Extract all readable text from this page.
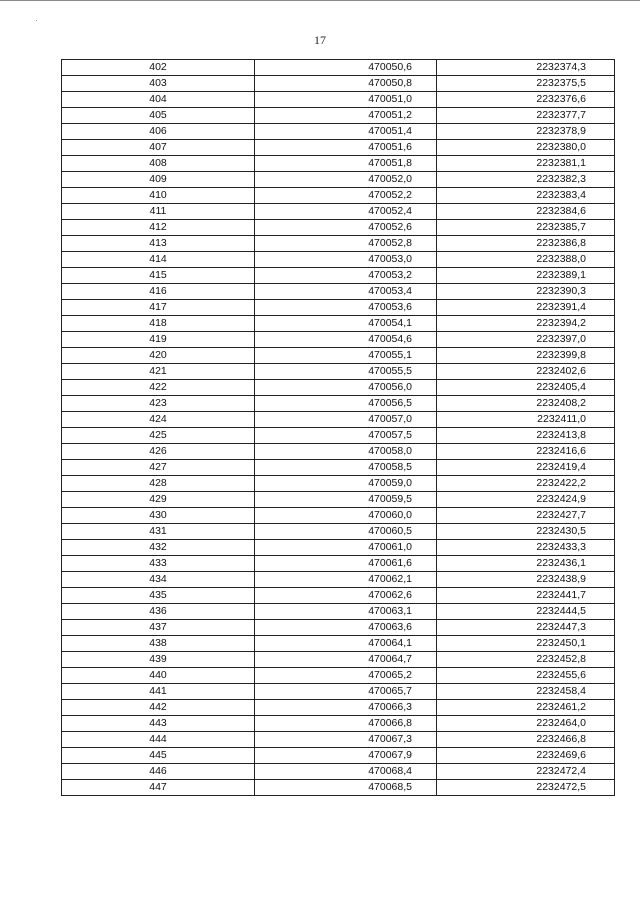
17
402	470050,6	2232374,3
403	470050,8	2232375,5
404	470051,0	2232376,6
405	470051,2	2232377,7
406	470051,4	2232378,9
407	470051,6	2232380,0
408	470051,8	2232381,1
409	470052,0	2232382,3
410	470052,2	2232383,4
411	470052,4	2232384,6
412	470052,6	2232385,7
413	470052,8	2232386,8
414	470053,0	2232388,0
415	470053,2	2232389,1
416	470053,4	2232390,3
417	470053,6	2232391,4
418	470054,1	2232394,2
419	470054,6	2232397,0
420	470055,1	2232399,8
421	470055,5	2232402,6
422	470056,0	2232405,4
423	470056,5	2232408,2
424	470057,0	2232411,0
425	470057,5	2232413,8
426	470058,0	2232416,6
427	470058,5	2232419,4
428	470059,0	2232422,2
429	470059,5	2232424,9
430	470060,0	2232427,7
431	470060,5	2232430,5
432	470061,0	2232433,3
433	470061,6	2232436,1
434	470062,1	2232438,9
435	470062,6	2232441,7
436	470063,1	2232444,5
437	470063,6	2232447,3
438	470064,1	2232450,1
439	470064,7	2232452,8
440	470065,2	2232455,6
441	470065,7	2232458,4
442	470066,3	2232461,2
443	470066,8	2232464,0
444	470067,3	2232466,8
445	470067,9	2232469,6
446	470068,4	2232472,4
447	470068,5	2232472,5
